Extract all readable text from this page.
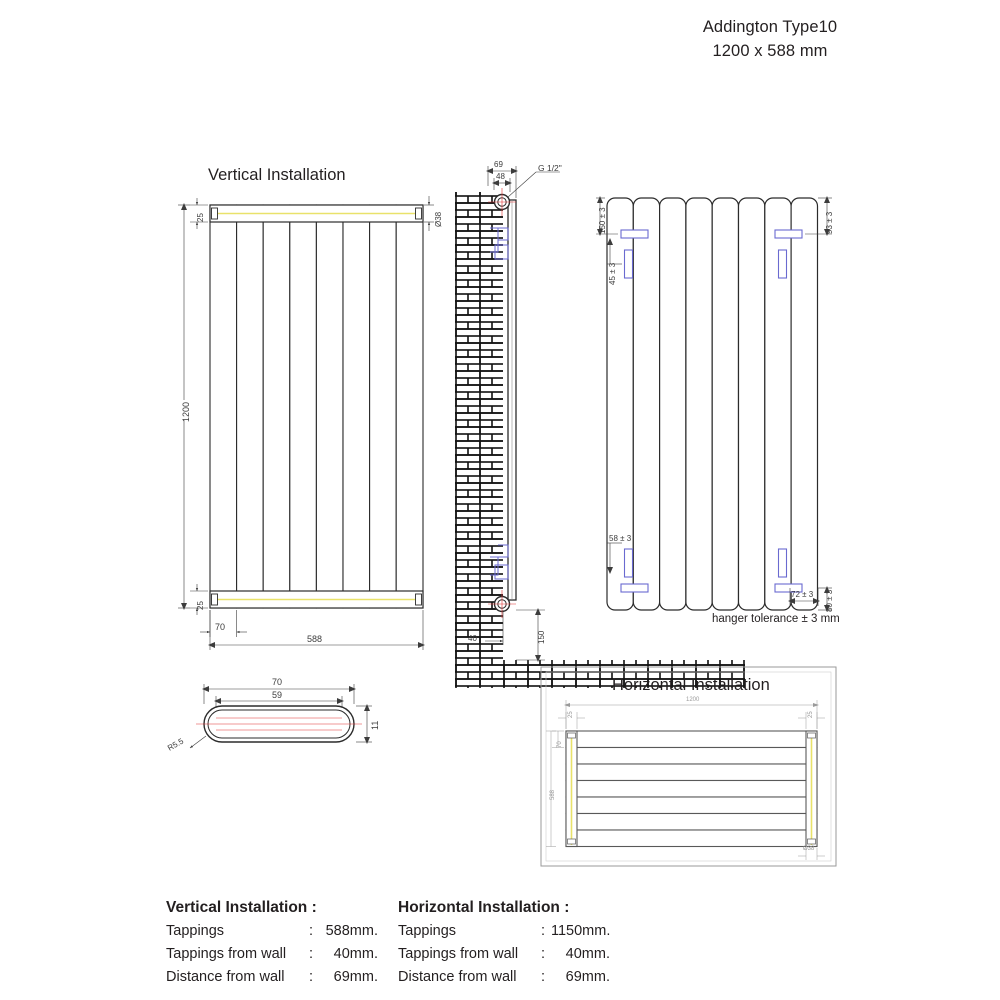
Addington Type10
1200 x 588 mm
Vertical Installation
Horizontal Installation
hanger tolerance ± 3 mm
25
25
1200
Ø38
70
588
69
48
G 1/2"
40	150
150 ± 3
45 ± 3
93 ± 3
58 ± 3
72 ± 3 80 ± 3
70
59
11
R5.5
1200
25	25
70
588
Ø38
Vertical Installation :
Tappings	: 588mm.
Tappings from wall	:	40mm.
Distance from wall	:	69mm.
Horizontal Installation :
Tappings	: 1150mm.
Tappings from wall	:	40mm.
Distance from wall	:	69mm.
